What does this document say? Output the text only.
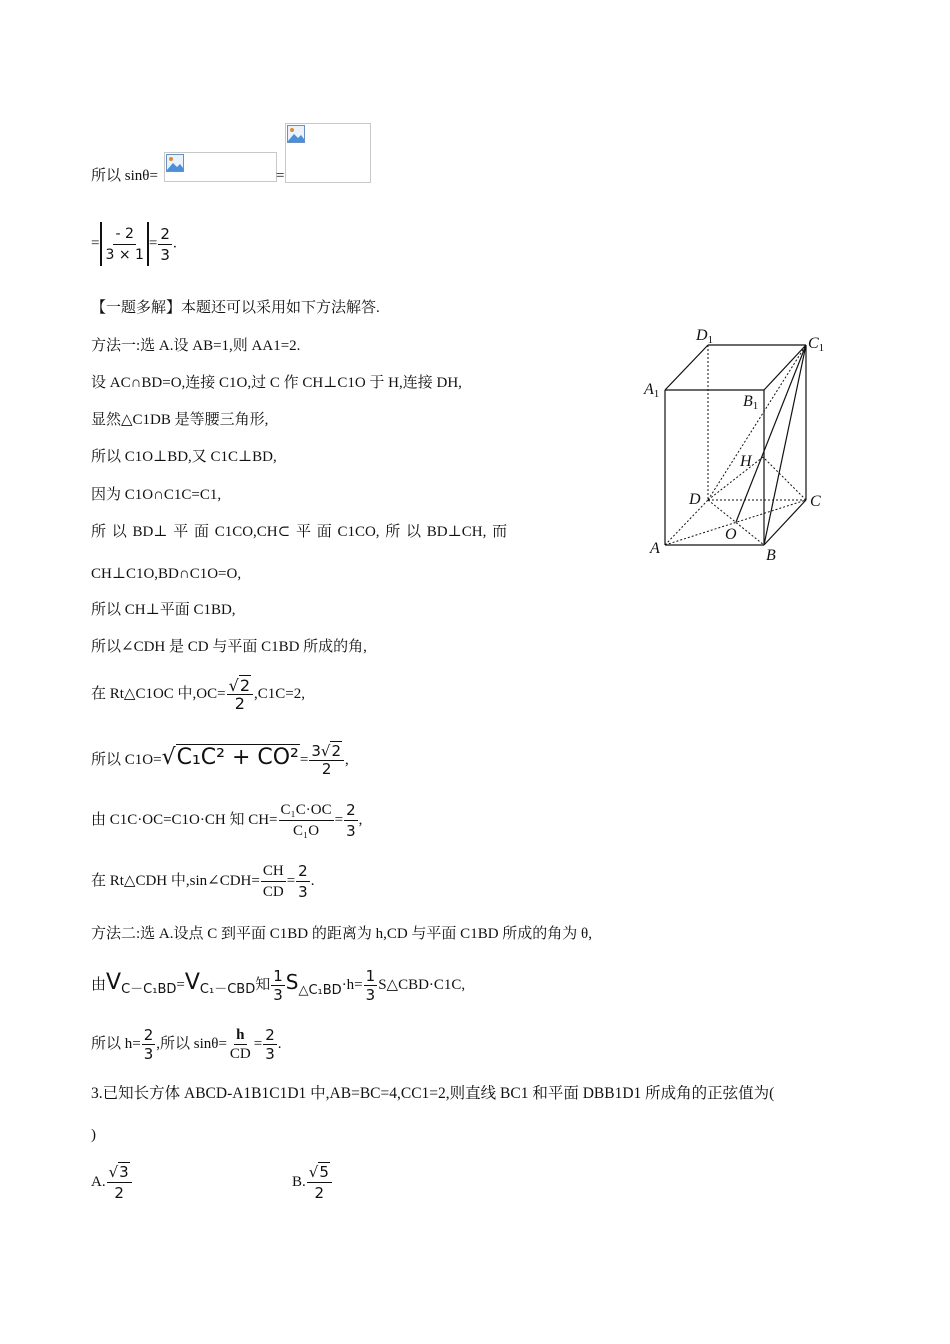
所以 sinθ=	=
= $\frac{- 2}{3 \times 1} = \frac{2}{3}$ .
【一题多解】本题还可以采用如下方法解答.
方法一:选 A.设 AB=1,则 AA1=2.
设 AC∩BD=O,连接 C1O,过 C 作 CH⊥C1O 于 H,连接 DH,
显然△C1DB 是等腰三角形,
所以 C1O⊥BD,又 C1C⊥BD,
因为 C1O∩C1C=C1,
所 以 BD⊥ 平 面 C1CO,CH⊂ 平 面 C1CO, 所 以 BD⊥CH, 而
CH⊥C1O,BD∩C1O=O,
所以 CH⊥平面 C1BD,
所以∠CDH 是 CD 与平面 C1BD 所成的角,
在 Rt△C1OC 中$,OC= \frac{√2}{2} ,C1C=2$,
所以 $C1O=√C_1C^2 + CO^2= \frac{3√2}{2}$ ,
由 C1C·OC=C1O·CH 知 $CH= \frac{\text{C₁C·OC}}{\text{C₁O}} = \frac{2}{3}$ ,
在 Rt△CDH 中,sin∠CDH= $\frac{CH}{CD} = \frac{2}{3}$ .
方法二:选 A.设点 C 到平面 C1BD 的距离为 h,CD 与平面 C1BD 所成的角为 θ,
由VC－C₁BD=VC₁－CBD知 $\frac{1}{3}$ S△C₁BD·h= $\frac{1}{3}$ S△CBD·C1C,
所以 $h= \frac{2}{3}$ ,所以 $\sin\theta= \frac{h}{CD} = \frac{2}{3}$ .
3.已知长方体 ABCD-A1B1C1D1 中,AB=BC=4,CC1=2,则直线 BC1 和平面 DBB1D1 所成角的正弦值为(
)
A. $\frac{√3}{2}$	B. $\frac{√5}{2}$
D1	C1
A1	B1
H
D	C
A
O
B
